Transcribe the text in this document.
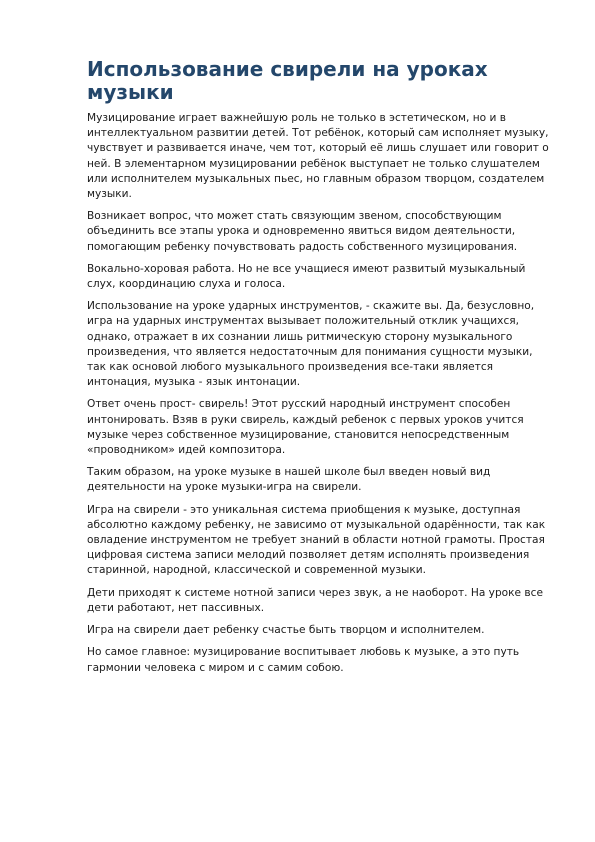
Использование свирели на уроках музыки

Музицирование играет важнейшую роль не только в эстетическом, но и в интеллектуальном развитии детей. Тот ребёнок, который сам исполняет музыку, чувствует и развивается иначе, чем тот, который её лишь слушает или говорит о ней. В элементарном музицировании ребёнок выступает не только слушателем или исполнителем музыкальных пьес, но главным образом творцом, создателем музыки.

Возникает вопрос, что может стать связующим звеном, способствующим объединить все этапы урока и одновременно явиться видом деятельности, помогающим ребенку почувствовать радость собственного музицирования.

Вокально-хоровая работа. Но не все учащиеся имеют развитый музыкальный слух, координацию слуха и голоса.

Использование на уроке ударных инструментов, - скажите вы. Да, безусловно, игра на ударных инструментах вызывает положительный отклик учащихся, однако, отражает в их сознании лишь ритмическую сторону музыкального произведения, что является недостаточным для понимания сущности музыки, так как основой любого музыкального произведения все-таки является интонация, музыка - язык интонации.

Ответ очень прост- свирель! Этот русский народный инструмент способен интонировать. Взяв в руки свирель, каждый ребенок с первых уроков учится музыке через собственное музицирование, становится непосредственным «проводником» идей композитора.

Таким образом, на уроке музыке в нашей школе был введен новый вид деятельности на уроке музыки-игра на свирели.

Игра на свирели - это уникальная система приобщения к музыке, доступная абсолютно каждому ребенку, не зависимо от музыкальной одарённости, так как овладение инструментом не требует знаний в области нотной грамоты. Простая цифровая система записи мелодий позволяет детям исполнять произведения старинной, народной, классической и современной музыки.

Дети приходят к системе нотной записи через звук, а не наоборот. На уроке все дети работают, нет пассивных.

Игра на свирели дает ребенку счастье быть творцом и исполнителем.

Но самое главное: музицирование воспитывает любовь к музыке, а это путь гармонии человека с миром и с самим собою.
